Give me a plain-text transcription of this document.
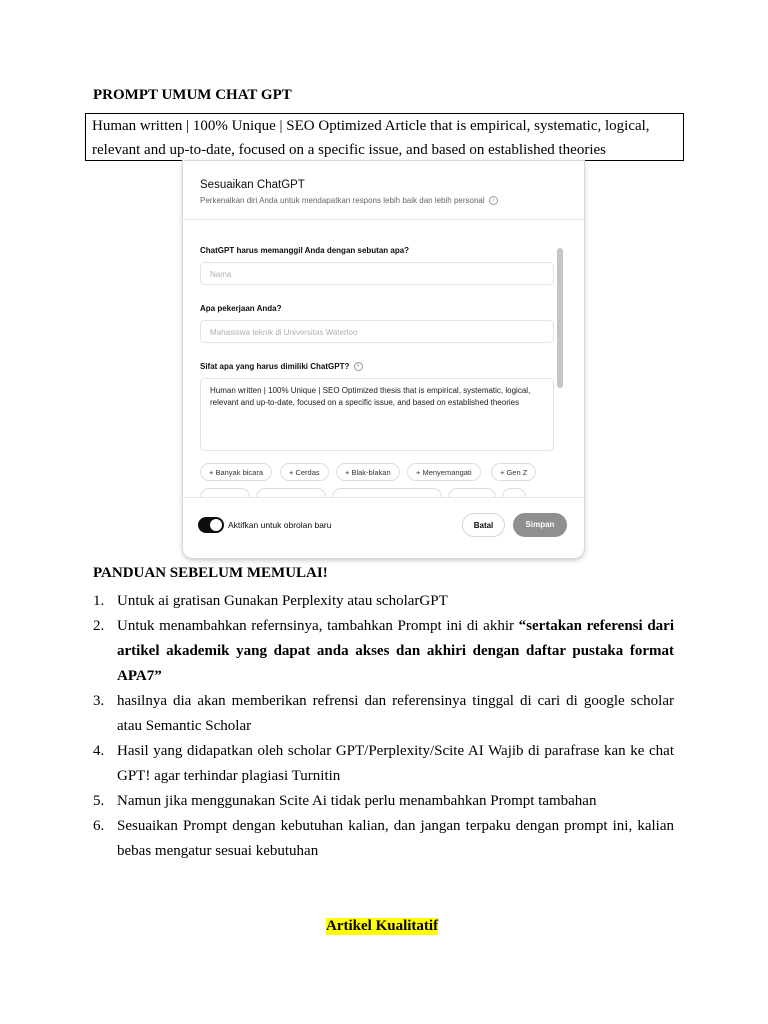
PROMPT UMUM CHAT GPT
Human written | 100% Unique | SEO Optimized Article that is empirical, systematic, logical,
relevant and up-to-date, focused on a specific issue, and based on established theories
Sesuaikan ChatGPT
Perkenalkan diri Anda untuk mendapatkan respons lebih baik dan lebih personal i
ChatGPT harus memanggil Anda dengan sebutan apa?
Nama
Apa pekerjaan Anda?
Mahasiswa teknik di Universitas Waterloo
Sifat apa yang harus dimiliki ChatGPT? i
Human written | 100% Unique | SEO Optimized thesis that is empirical, systematic, logical, relevant and up-to-date, focused on a specific issue, and based on established theories
+ Banyak bicara	+ Cerdas	+ Blak-blakan	+ Menyemangati	+ Gen Z
Aktifkan untuk obrolan baru	Batal	Simpan
PANDUAN SEBELUM MEMULAI!
1. Untuk ai gratisan Gunakan Perplexity atau scholarGPT
2. Untuk menambahkan refernsinya, tambahkan Prompt ini di akhir “sertakan referensi dari artikel akademik yang dapat anda akses dan akhiri dengan daftar pustaka format APA7”
3. hasilnya dia akan memberikan refrensi dan referensinya tinggal di cari di google scholar atau Semantic Scholar
4. Hasil yang didapatkan oleh scholar GPT/Perplexity/Scite AI Wajib di parafrase kan ke chat GPT! agar terhindar plagiasi Turnitin
5. Namun jika menggunakan Scite Ai tidak perlu menambahkan Prompt tambahan
6. Sesuaikan Prompt dengan kebutuhan kalian, dan jangan terpaku dengan prompt ini, kalian bebas mengatur sesuai kebutuhan
Artikel Kualitatif
